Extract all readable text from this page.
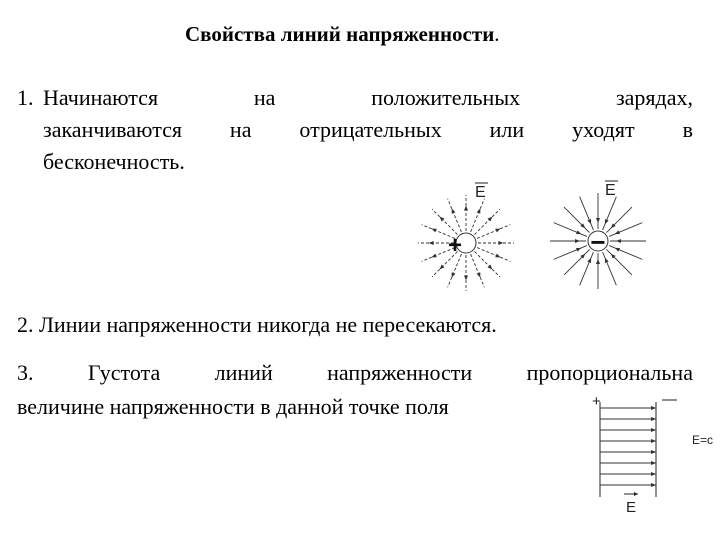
Свойства линий напряженности.
1. Начинаются	на	положительных	зарядах,
заканчиваются на отрицательных или уходят в
бесконечность.
E
+
E
−
2. Линии напряженности никогда не пересекаются.
3. Густота линий напряженности пропорциональна
величине напряженности в данной точке поля	+	—
E=c
E
